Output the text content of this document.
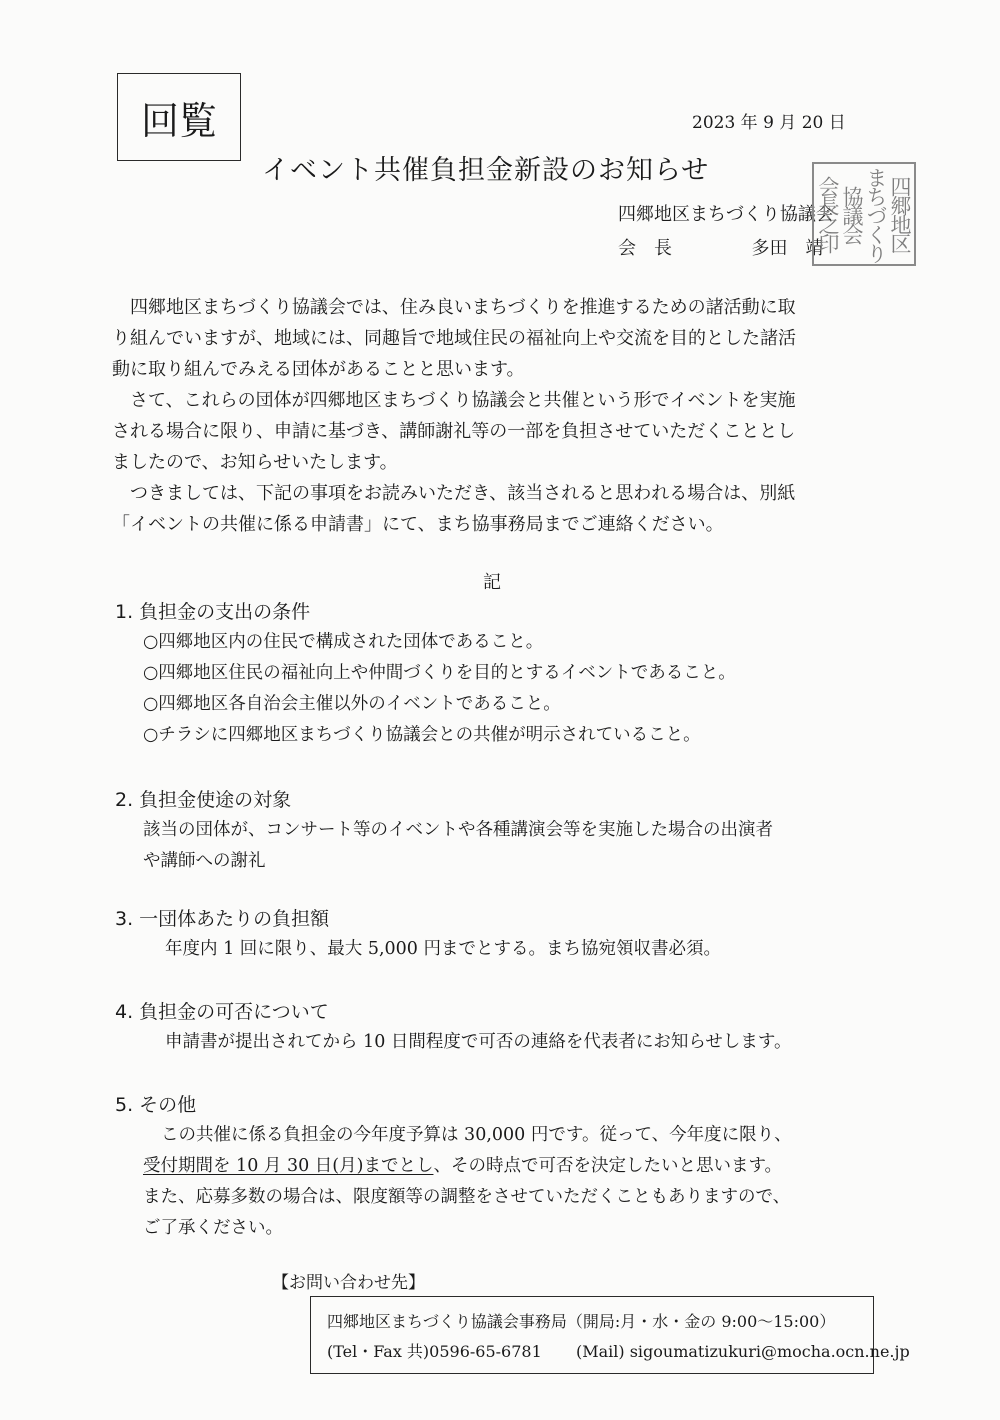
回覧	2023 年 9 月 20 日
イベント共催負担金新設のお知らせ
四郷地区まちづくり協議会
会　長	多田　靖	四郷地区
まちづくり
協議会
会長之印

四郷地区まちづくり協議会では、住み良いまちづくりを推進するための諸活動に取

り組んでいますが、地域には、同趣旨で地域住民の福祉向上や交流を目的とした諸活

動に取り組んでみえる団体があることと思います。

さて、これらの団体が四郷地区まちづくり協議会と共催という形でイベントを実施

される場合に限り、申請に基づき、講師謝礼等の一部を負担させていただくこととし

ましたので、お知らせいたします。

つきましては、下記の事項をお読みいただき、該当されると思われる場合は、別紙

「イベントの共催に係る申請書」にて、まち協事務局までご連絡ください。

記
1. 負担金の支出の条件
○四郷地区内の住民で構成された団体であること。
○四郷地区住民の福祉向上や仲間づくりを目的とするイベントであること。
○四郷地区各自治会主催以外のイベントであること。
○チラシに四郷地区まちづくり協議会との共催が明示されていること。
2. 負担金使途の対象
該当の団体が、コンサート等のイベントや各種講演会等を実施した場合の出演者
や講師への謝礼
3. 一団体あたりの負担額
年度内 1 回に限り、最大 5,000 円までとする。まち協宛領収書必須。
4. 負担金の可否について
申請書が提出されてから 10 日間程度で可否の連絡を代表者にお知らせします。
5. その他
この共催に係る負担金の今年度予算は 30,000 円です。従って、今年度に限り、
受付期間を 10 月 30 日(月)までとし、その時点で可否を決定したいと思います。
また、応募多数の場合は、限度額等の調整をさせていただくこともありますので、
ご了承ください。
【お問い合わせ先】
四郷地区まちづくり協議会事務局（開局:月・水・金の 9:00～15:00）
(Tel・Fax 共)0596-65-6781 (Mail) sigoumatizukuri@mocha.ocn.ne.jp
